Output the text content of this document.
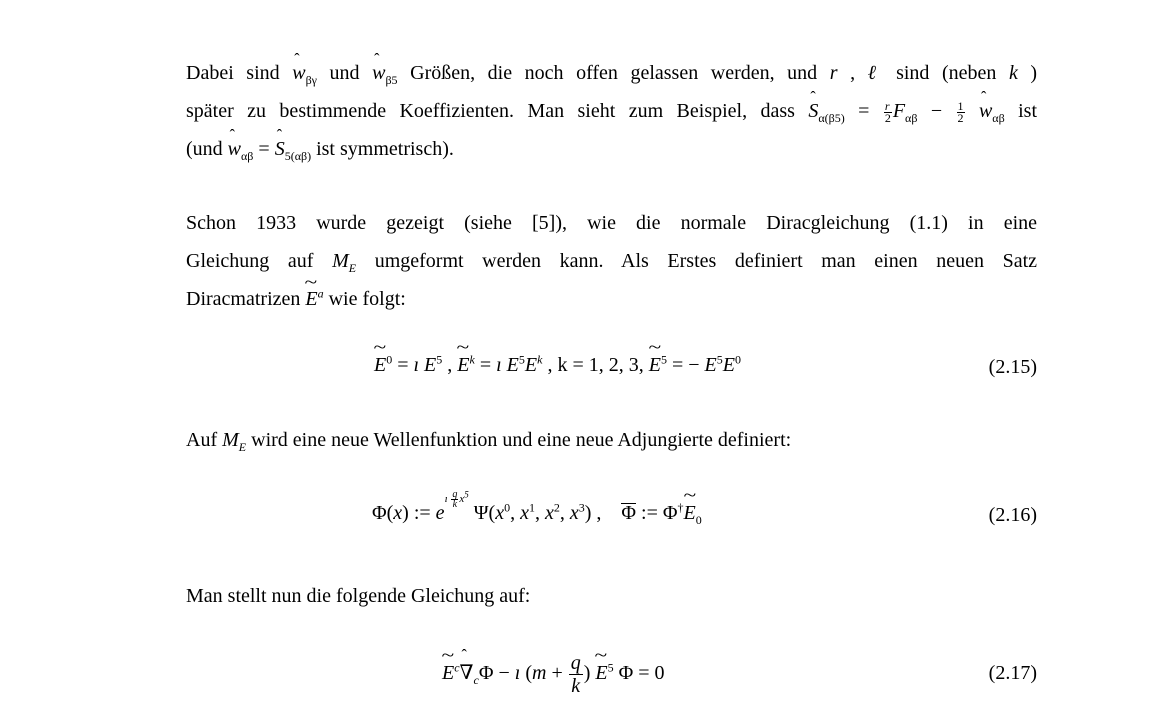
Dabei sind ˆ $w_{\beta\gamma}$ und ˆ $w_{\beta 5}$ Größen, die noch offen gelassen werden, und r , ℓ sind (neben k )
später zu bestimmende Koeffizienten. Man sieht zum Beispiel, dass ˆ $S_{\alpha(\beta 5)} = \frac{r}{2} F_{\alpha\beta} - \frac{1}{2}$ ˆ $w_{\alpha\beta}$ ist
(und ˆ $w_{\alpha\beta}$ = ˆ $S_{5(\alpha\beta)}$ ist symmetrisch).
Schon 1933 wurde gezeigt (siehe [5]), wie die normale Diracgleichung (1.1) in eine
Gleichung auf $M_E$ umgeformt werden kann. Als Erstes definiert man einen neuen Satz
Diracmatrizen ~ $E^a$ wie folgt:
~ $E^0$ = ı $E^5$ , ~ $E^k$ = ı $E^5E^k$ , k = 1, 2, 3, ~ $E^5$ = − $E^5E^0$	(2.15)
Auf $M_E$ wird eine neue Wellenfunktion und eine neue Adjungierte definiert:
Φ(x) := eı $\frac{q}{k} x^5$ $\Psi(x^0$, $x^1$, $x^2$, $x^3$) ,    Φ := Φ†~ $E_0$	(2.16)
Man stellt nun die folgende Gleichung auf:
~ $E^cˆ$ $\nabla_c\Phi$ − ı ($m + \frac{q}{k}$ ) ~ $E^5$ Φ = 0	(2.17)
